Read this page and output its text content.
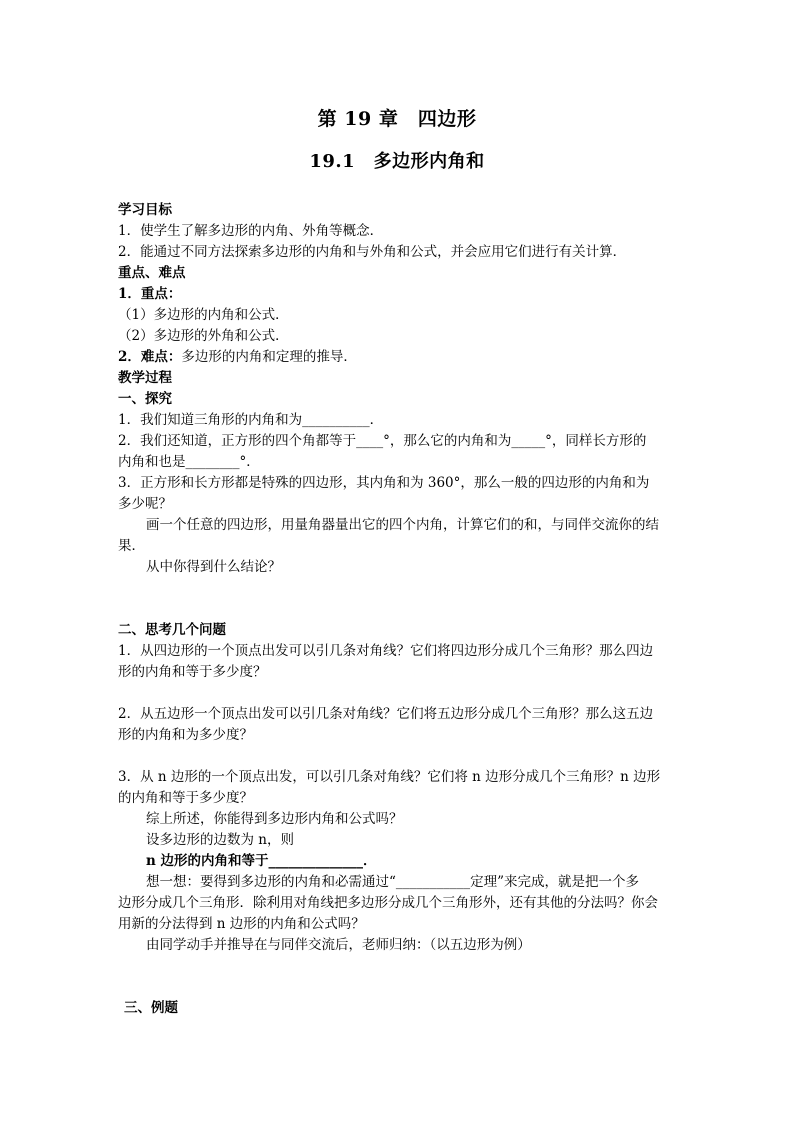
第 19 章　四边形
19.1　多边形内角和
学习目标
1．使学生了解多边形的内角、外角等概念．
2．能通过不同方法探索多边形的内角和与外角和公式，并会应用它们进行有关计算．
重点、难点
1．重点：
（1）多边形的内角和公式．
（2）多边形的外角和公式．
2．难点：多边形的内角和定理的推导．
教学过程
一、探究
1．我们知道三角形的内角和为__________．
2．我们还知道，正方形的四个角都等于____°，那么它的内角和为_____°，同样长方形的
内角和也是________°．
3．正方形和长方形都是特殊的四边形，其内角和为 360°，那么一般的四边形的内角和为
多少呢？
画一个任意的四边形，用量角器量出它的四个内角，计算它们的和，与同伴交流你的结
果．
从中你得到什么结论？
二、思考几个问题
1．从四边形的一个顶点出发可以引几条对角线？它们将四边形分成几个三角形？那么四边
形的内角和等于多少度？
2．从五边形一个顶点出发可以引几条对角线？它们将五边形分成几个三角形？那么这五边
形的内角和为多少度？
3．从 n 边形的一个顶点出发，可以引几条对角线？它们将 n 边形分成几个三角形？n 边形
的内角和等于多少度？
综上所述，你能得到多边形内角和公式吗？
设多边形的边数为 n，则
n 边形的内角和等于______________．
想一想：要得到多边形的内角和必需通过“___________定理”来完成，就是把一个多
边形分成几个三角形．除利用对角线把多边形分成几个三角形外，还有其他的分法吗？你会
用新的分法得到 n 边形的内角和公式吗？
由同学动手并推导在与同伴交流后，老师归纳：（以五边形为例）
三、例题
